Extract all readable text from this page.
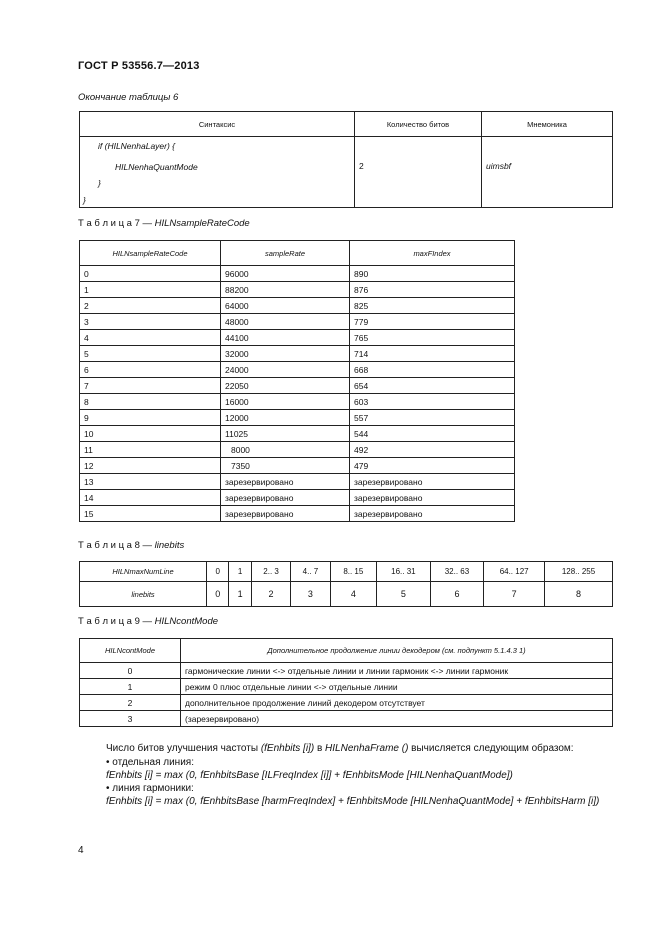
ГОСТ Р 53556.7—2013
Окончание таблицы 6
Синтаксис	Количество битов	Мнемоника

if (HILNenhaLayer) {
HILNenhaQuantMode
}
}	2	uimsbf
Т а б л и ц а 7 — HILNsampleRateCode
HILNsampleRateCode	sampleRate	maxFIndex
0	96000	890
1	88200	876
2	64000	825
3	48000	779
4	44100	765
5	32000	714
6	24000	668
7	22050	654
8	16000	603
9	12000	557
10	11025	544
11	8000	492
12	7350	479
13	зарезервировано	зарезервировано
14	зарезервировано	зарезервировано
15	зарезервировано	зарезервировано
Т а б л и ц а 8 — linebits
HILNmaxNumLine	0	1	2.. 3	4.. 7	8.. 15	16.. 31	32.. 63	64.. 127	128.. 255
linebits	0	1	2	3	4	5	6	7	8
Т а б л и ц а 9 — HILNcontMode
HILNcontMode	Дополнительное продолжение линии декодером (см. подпункт 5.1.4.3 1)
0	гармонические линии <-> отдельные линии и линии гармоник <-> линии гармоник
1	режим 0 плюс отдельные линии <-> отдельные линии
2	дополнительное продолжение линий декодером отсутствует
3	(зарезервировано)
Число битов улучшения частоты (fEnhbits [i]) в HILNenhaFrame () вычисляется следующим образом:
• отдельная линия:
fEnhbits [i] = max (0, fEnhbitsBase [ILFreqIndex [i]] + fEnhbitsMode [HILNenhaQuantMode])
• линия гармоники:
fEnhbits [i] = max (0, fEnhbitsBase [harmFreqIndex] + fEnhbitsMode [HILNenhaQuantMode] + fEnhbitsHarm [i])
4
